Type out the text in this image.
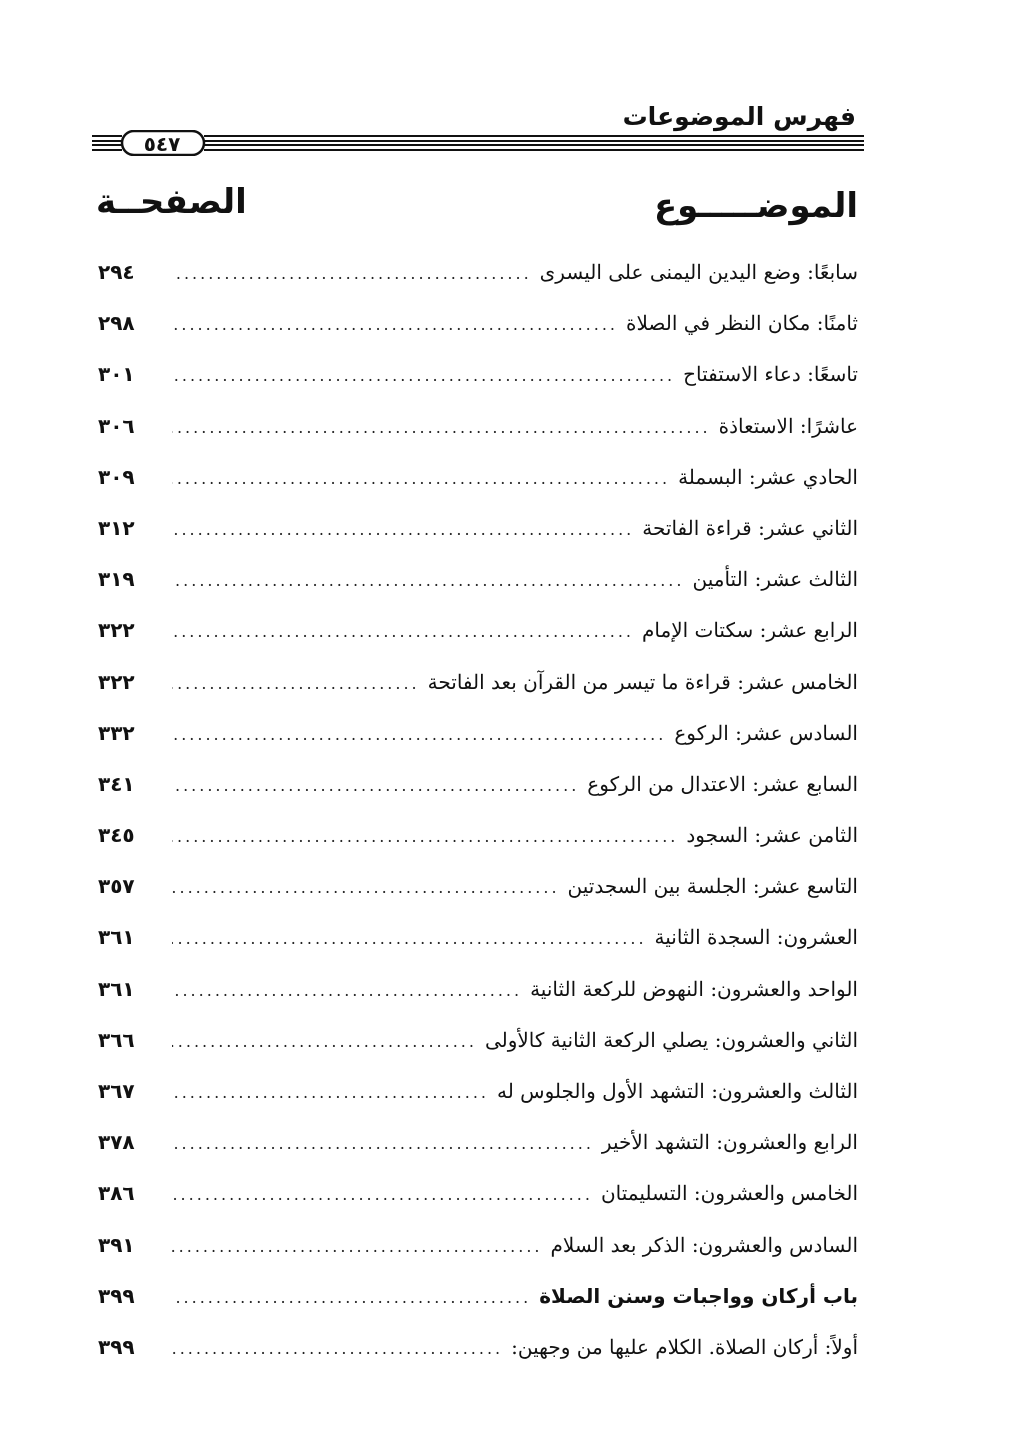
فهرس الموضوعات
٥٤٧
الموضـــــوع
الصفحــة
سابعًا: وضع اليدين اليمنى على اليسرى
.....
٢٩٤
ثامنًا: مكان النظر في الصلاة
.....
٢٩٨
تاسعًا: دعاء الاستفتاح
.....
٣٠١
عاشرًا: الاستعاذة
.....
٣٠٦
الحادي عشر: البسملة
.....
٣٠٩
الثاني عشر: قراءة الفاتحة
.....
٣١٢
الثالث عشر: التأمين
.....
٣١٩
الرابع عشر: سكتات الإمام
.....
٣٢٢
الخامس عشر: قراءة ما تيسر من القرآن بعد الفاتحة
.....
٣٢٢
السادس عشر: الركوع
.....
٣٣٢
السابع عشر: الاعتدال من الركوع
.....
٣٤١
الثامن عشر: السجود
.....
٣٤٥
التاسع عشر: الجلسة بين السجدتين
.....
٣٥٧
العشرون: السجدة الثانية
.....
٣٦١
الواحد والعشرون: النهوض للركعة الثانية
.....
٣٦١
الثاني والعشرون: يصلي الركعة الثانية كالأولى
.....
٣٦٦
الثالث والعشرون: التشهد الأول والجلوس له
.....
٣٦٧
الرابع والعشرون: التشهد الأخير
.....
٣٧٨
الخامس والعشرون: التسليمتان
.....
٣٨٦
السادس والعشرون: الذكر بعد السلام
.....
٣٩١
باب أركان وواجبات وسنن الصلاة
.....
٣٩٩
أولاً: أركان الصلاة. الكلام عليها من وجهين:
.....
٣٩٩
